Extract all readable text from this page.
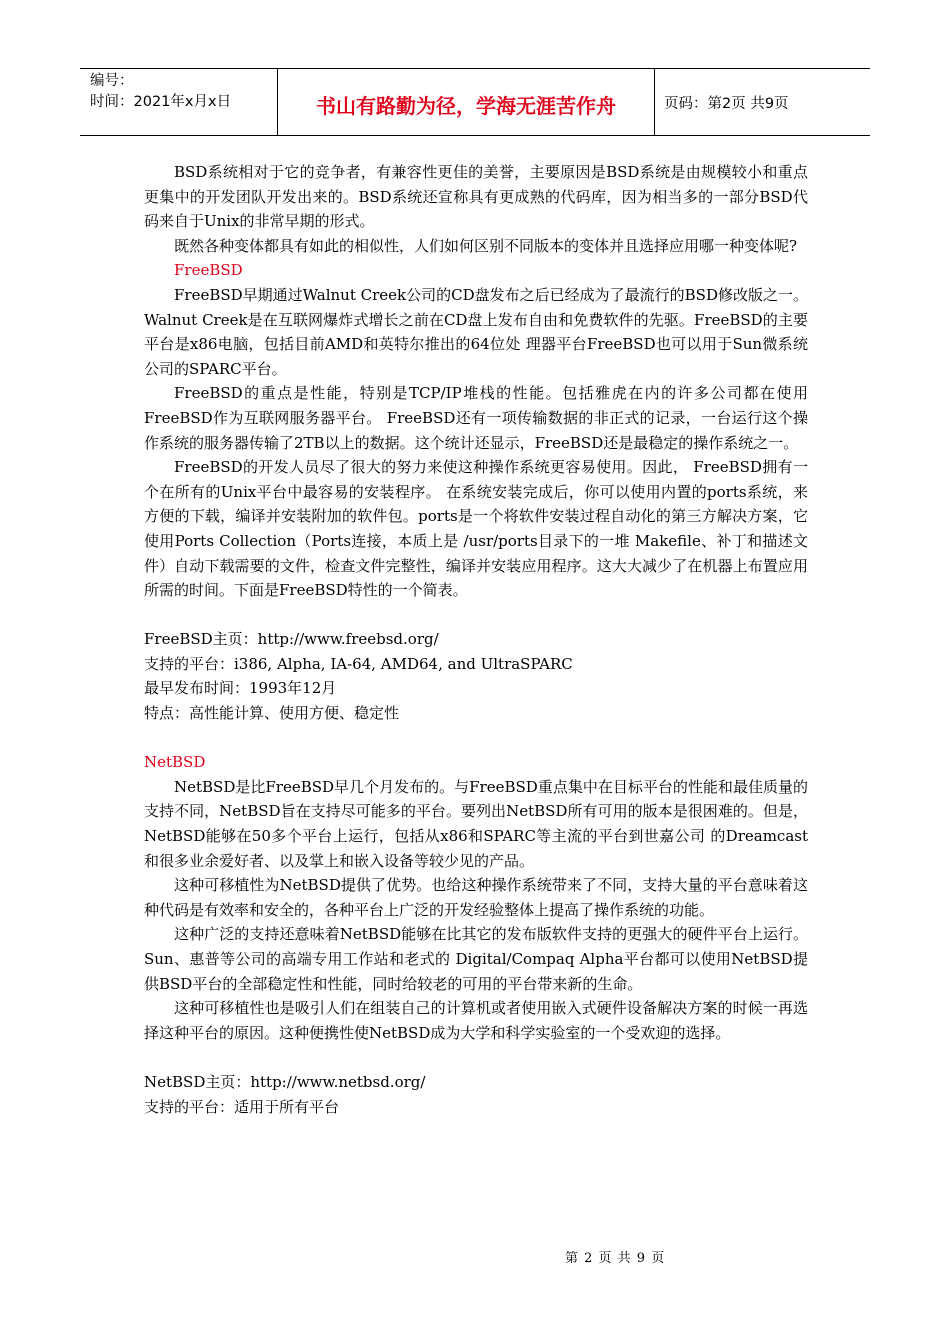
编号：
时间：2021年x月x日	书山有路勤为径，学海无涯苦作舟	页码：第2页 共9页

BSD系统相对于它的竞争者，有兼容性更佳的美誉，主要原因是BSD系统是由规模较小和重点更集中的开发团队开发出来的。BSD系统还宣称具有更成熟的代码库，因为相当多的一部分BSD代码来自于Unix的非常早期的形式。

既然各种变体都具有如此的相似性，人们如何区别不同版本的变体并且选择应用哪一种变体呢?

FreeBSD

FreeBSD早期通过Walnut Creek公司的CD盘发布之后已经成为了最流行的BSD修改版之一。Walnut Creek是在互联网爆炸式增长之前在CD盘上发布自由和免费软件的先驱。FreeBSD的主要平台是x86电脑，包括目前AMD和英特尔推出的64位处 理器平台FreeBSD也可以用于Sun微系统公司的SPARC平台。

FreeBSD的重点是性能，特别是TCP/IP堆栈的性能。包括雅虎在内的许多公司都在使用FreeBSD作为互联网服务器平台。 FreeBSD还有一项传输数据的非正式的记录，一台运行这个操作系统的服务器传输了2TB以上的数据。这个统计还显示，FreeBSD还是最稳定的操作系统之一。

FreeBSD的开发人员尽了很大的努力来使这种操作系统更容易使用。因此， FreeBSD拥有一个在所有的Unix平台中最容易的安装程序。 在系统安装完成后，你可以使用内置的ports系统，来方便的下载，编译并安装附加的软件包。ports是一个将软件安装过程自动化的第三方解决方案，它使用Ports Collection（Ports连接，本质上是 /usr/ports目录下的一堆 Makefile、补丁和描述文件）自动下载需要的文件，检查文件完整性，编译并安装应用程序。这大大减少了在机器上布置应用所需的时间。下面是FreeBSD特性的一个简表。

FreeBSD主页：http://www.freebsd.org/

支持的平台：i386, Alpha, IA-64, AMD64, and UltraSPARC

最早发布时间：1993年12月

特点：高性能计算、使用方便、稳定性

NetBSD

NetBSD是比FreeBSD早几个月发布的。与FreeBSD重点集中在目标平台的性能和最佳质量的支持不同，NetBSD旨在支持尽可能多的平台。要列出NetBSD所有可用的版本是很困难的。但是，NetBSD能够在50多个平台上运行，包括从x86和SPARC等主流的平台到世嘉公司 的Dreamcast和很多业余爱好者、以及掌上和嵌入设备等较少见的产品。

这种可移植性为NetBSD提供了优势。也给这种操作系统带来了不同，支持大量的平台意味着这种代码是有效率和安全的，各种平台上广泛的开发经验整体上提高了操作系统的功能。

这种广泛的支持还意味着NetBSD能够在比其它的发布版软件支持的更强大的硬件平台上运行。Sun、惠普等公司的高端专用工作站和老式的 Digital/Compaq Alpha平台都可以使用NetBSD提供BSD平台的全部稳定性和性能，同时给较老的可用的平台带来新的生命。

这种可移植性也是吸引人们在组装自己的计算机或者使用嵌入式硬件设备解决方案的时候一再选择这种平台的原因。这种便携性使NetBSD成为大学和科学实验室的一个受欢迎的选择。

NetBSD主页：http://www.netbsd.org/

支持的平台：适用于所有平台

第 2 页 共 9 页
